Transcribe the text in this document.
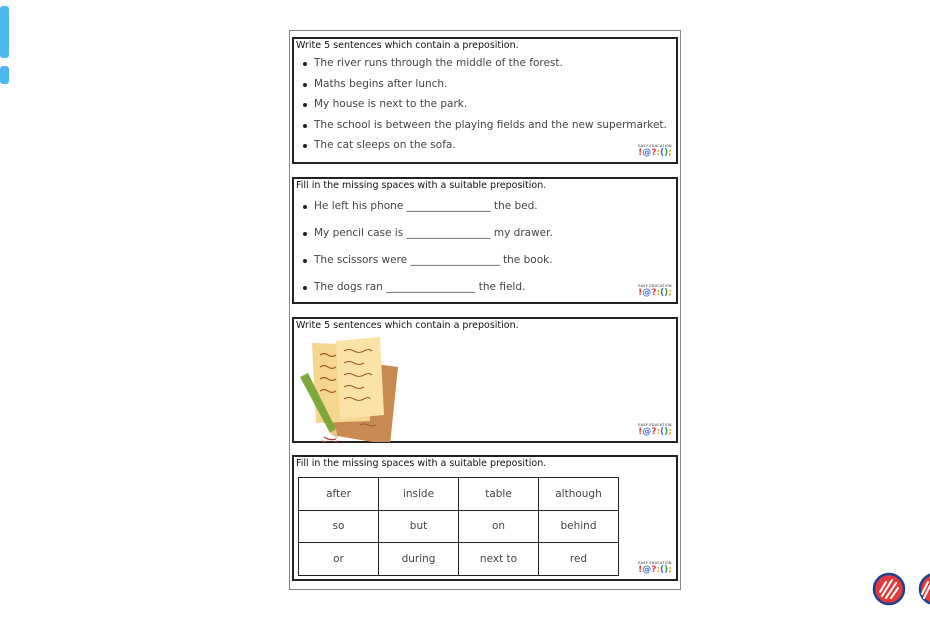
Write 5 sentences which contain a preposition.
The river runs through the middle of the forest.
Maths begins after lunch.
My house is next to the park.
The school is between the playing fields and the new supermarket.
The cat sleeps on the sofa.	EASY EDUCATION
!@?:();
Fill in the missing spaces with a suitable preposition.
He left his phone ________________ the bed.
My pencil case is ________________ my drawer.
The scissors were _________________ the book.
The dogs ran _________________ the field.	EASY EDUCATION
!@?:();
Write 5 sentences which contain a preposition.
EASY EDUCATION
!@?:();
Fill in the missing spaces with a suitable preposition.
after	inside	table	although
so	but	on	behind
or	during	next to	red	EASY EDUCATION
!@?:();
